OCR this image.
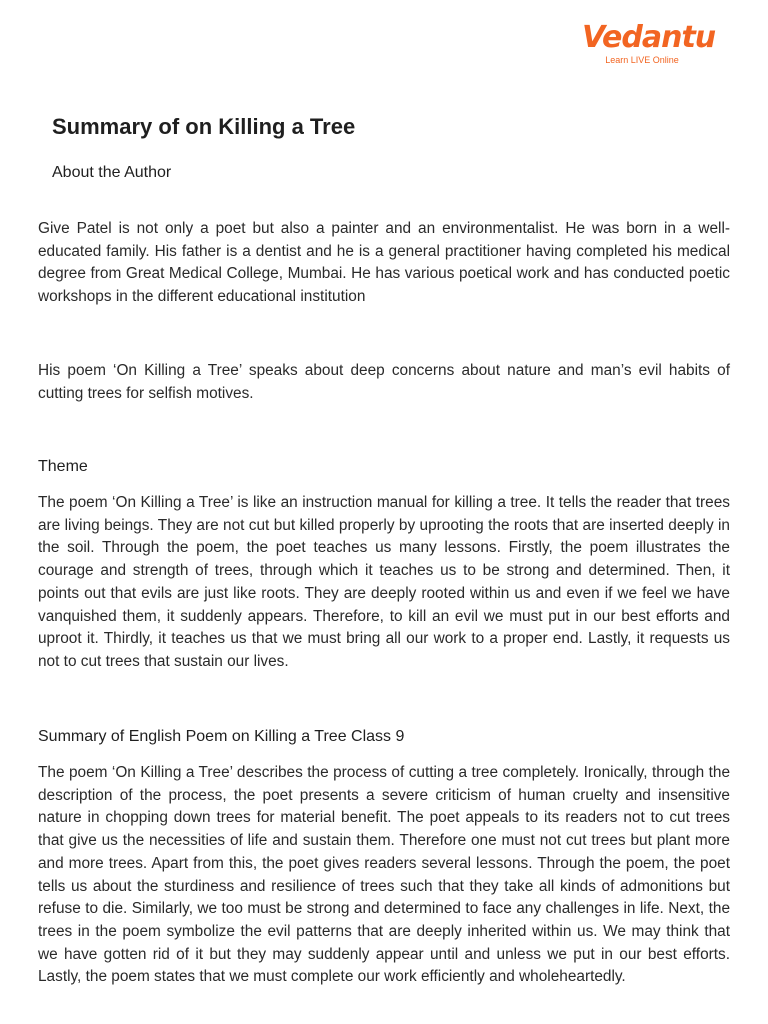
Vedantu
Learn LIVE Online
Summary of on Killing a Tree
About the Author

Give Patel is not only a poet but also a painter and an environmentalist. He was born in a well-educated family. His father is a dentist and he is a general practitioner having completed his medical degree from Great Medical College, Mumbai. He has various poetical work and has conducted poetic workshops in the different educational institution

His poem ‘On Killing a Tree’ speaks about deep concerns about nature and man’s evil habits of cutting trees for selfish motives.

Theme

The poem ‘On Killing a Tree’ is like an instruction manual for killing a tree. It tells the reader that trees are living beings. They are not cut but killed properly by uprooting the roots that are inserted deeply in the soil. Through the poem, the poet teaches us many lessons. Firstly, the poem illustrates the courage and strength of trees, through which it teaches us to be strong and determined. Then, it points out that evils are just like roots. They are deeply rooted within us and even if we feel we have vanquished them, it suddenly appears. Therefore, to kill an evil we must put in our best efforts and uproot it. Thirdly, it teaches us that we must bring all our work to a proper end. Lastly, it requests us not to cut trees that sustain our lives.

Summary of English Poem on Killing a Tree Class 9

The poem ‘On Killing a Tree’ describes the process of cutting a tree completely. Ironically, through the description of the process, the poet presents a severe criticism of human cruelty and insensitive nature in chopping down trees for material benefit. The poet appeals to its readers not to cut trees that give us the necessities of life and sustain them. Therefore one must not cut trees but plant more and more trees. Apart from this, the poet gives readers several lessons. Through the poem, the poet tells us about the sturdiness and resilience of trees such that they take all kinds of admonitions but refuse to die. Similarly, we too must be strong and determined to face any challenges in life. Next, the trees in the poem symbolize the evil patterns that are deeply inherited within us. We may think that we have gotten rid of it but they may suddenly appear until and unless we put in our best efforts. Lastly, the poem states that we must complete our work efficiently and wholeheartedly.
